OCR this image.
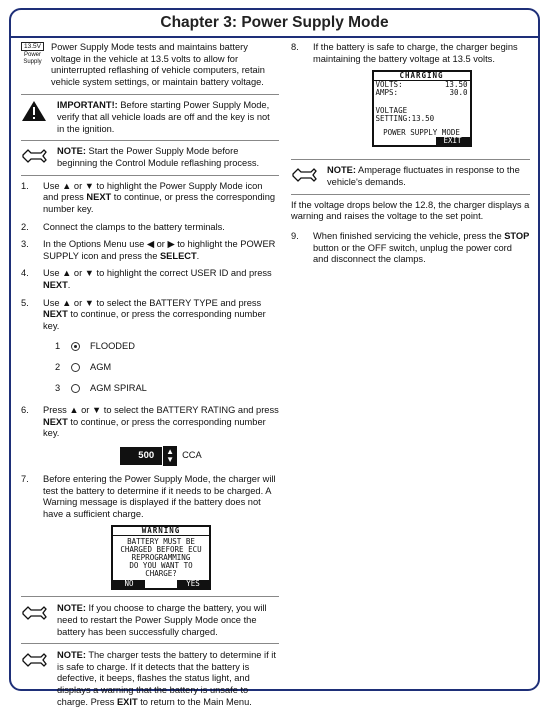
Chapter 3: Power Supply Mode
13.5V
Power Supply

Power Supply Mode tests and maintains battery voltage in the vehicle at 13.5 volts to allow for uninterrupted reflashing of vehicle computers, retain vehicle system settings, or maintain battery voltage.

IMPORTANT!: Before starting Power Supply Mode, verify that all vehicle loads are off and the key is not in the ignition.

NOTE: Start the Power Supply Mode before beginning the Control Module reflashing process.

1. Use ▲ or ▼ to highlight the Power Supply Mode icon and press NEXT to continue, or press the corresponding number key.
2. Connect the clamps to the battery terminals.
3. In the Options Menu use ◀ or ▶ to highlight the POWER SUPPLY icon and press the SELECT.
4. Use ▲ or ▼ to highlight the correct USER ID and press NEXT.
5. Use ▲ or ▼ to select the BATTERY TYPE and press NEXT to continue, or press the corresponding number key.
1	FLOODED
2	AGM
3	AGM SPIRAL
6. Press ▲ or ▼ to select the BATTERY RATING and press NEXT to continue, or press the corresponding number key.
500	▲
▼ CCA
7. Before entering the Power Supply Mode, the charger will test the battery to determine if it needs to be charged. A Warning message is displayed if the battery does not have a sufficient charge.
WARNING
BATTERY MUST BE
CHARGED BEFORE ECU
REPROGRAMMING
DO YOU WANT TO
CHARGE?
NO	YES

NOTE: If you choose to charge the battery, you will need to restart the Power Supply Mode once the battery has been successfully charged.

NOTE: The charger tests the battery to determine if it is safe to charge. If it detects that the battery is defective, it beeps, flashes the status light, and displays a warning that the battery is unsafe to charge. Press EXIT to return to the Main Menu.

8. If the battery is safe to charge, the charger begins maintaining the battery voltage at 13.5 volts.
CHARGING
VOLTS:	13.50
AMPS:	30.0
VOLTAGE SETTING:13.50
POWER SUPPLY MODE
EXIT

NOTE: Amperage fluctuates in response to the vehicle's demands.

If the voltage drops below the 12.8, the charger displays a warning and raises the voltage to the set point.

9. When finished servicing the vehicle, press the STOP button or the OFF switch, unplug the power cord and disconnect the clamps.
